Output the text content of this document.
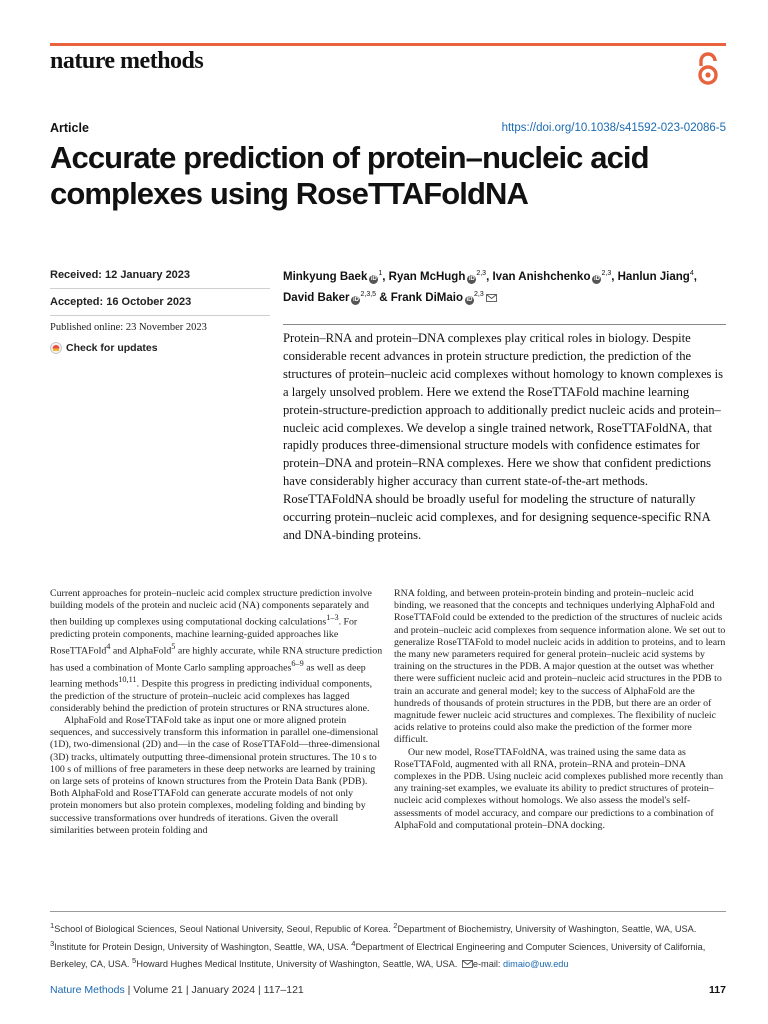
nature methods
Article	https://doi.org/10.1038/s41592-023-02086-5
Accurate prediction of protein–nucleic acid
complexes using RoseTTAFoldNA
Received: 12 January 2023
Accepted: 16 October 2023
Published online: 23 November 2023
Check for updates
Minkyung Baek iD$^1$, Ryan McHugh iD$^{2,3}$, Ivan Anishchenko iD$^{2,3}$, Hanlun Jiang$^4$,
David Baker iD$^{2,3,5}$ & Frank DiMaio iD$^{2,3}$

Protein–RNA and protein–DNA complexes play critical roles in biology. Despite considerable recent advances in protein structure prediction, the prediction of the structures of protein–nucleic acid complexes without homology to known complexes is a largely unsolved problem. Here we extend the RoseTTAFold machine learning protein-structure-prediction approach to additionally predict nucleic acids and protein–nucleic acid complexes. We develop a single trained network, RoseTTAFoldNA, that rapidly produces three-dimensional structure models with confidence estimates for protein–DNA and protein–RNA complexes. Here we show that confident predictions have considerably higher accuracy than current state-of-the-art methods. RoseTTAFoldNA should be broadly useful for modeling the structure of naturally occurring protein–nucleic acid complexes, and for designing sequence-specific RNA and DNA-binding proteins.

Current approaches for protein–nucleic acid complex structure prediction involve building models of the protein and nucleic acid (NA) components separately and then building up complexes using computational docking calculations$^{1-3}$. For predicting protein components, machine learning-guided approaches like RoseTTAFold$^4$ and AlphaFold$^5$ are highly accurate, while RNA structure prediction has used a combination of Monte Carlo sampling approaches$^{6-9}$ as well as deep learning methods$^{10,11}$. Despite this progress in predicting individual components, the prediction of the structure of protein–nucleic acid complexes has lagged considerably behind the prediction of protein structures or RNA structures alone.

AlphaFold and RoseTTAFold take as input one or more aligned protein sequences, and successively transform this information in parallel one-dimensional (1D), two-dimensional (2D) and—in the case of RoseTTAFold—three-dimensional (3D) tracks, ultimately outputting three-dimensional protein structures. The 10 s to 100 s of millions of free parameters in these deep networks are learned by training on large sets of proteins of known structures from the Protein Data Bank (PDB). Both AlphaFold and RoseTTAFold can generate accurate models of not only protein monomers but also protein complexes, modeling folding and binding by successive transformations over hundreds of iterations. Given the overall similarities between protein folding and

RNA folding, and between protein-protein binding and protein–nucleic acid binding, we reasoned that the concepts and techniques underlying AlphaFold and RoseTTAFold could be extended to the prediction of the structures of nucleic acids and protein–nucleic acid complexes from sequence information alone. We set out to generalize RoseTTAFold to model nucleic acids in addition to proteins, and to learn the many new parameters required for general protein–nucleic acid systems by training on the structures in the PDB. A major question at the outset was whether there were sufficient nucleic acid and protein–nucleic acid structures in the PDB to train an accurate and general model; key to the success of AlphaFold are the hundreds of thousands of protein structures in the PDB, but there are an order of magnitude fewer nucleic acid structures and complexes. The flexibility of nucleic acids relative to proteins could also make the prediction of the former more difficult.

Our new model, RoseTTAFoldNA, was trained using the same data as RoseTTAFold, augmented with all RNA, protein–RNA and protein–DNA complexes in the PDB. Using nucleic acid complexes published more recently than any training-set examples, we evaluate its ability to predict structures of protein–nucleic acid complexes without homologs. We also assess the model's self-assessments of model accuracy, and compare our predictions to a combination of AlphaFold and computational protein–DNA docking.

$^1$School of Biological Sciences, Seoul National University, Seoul, Republic of Korea. $^2$Department of Biochemistry, University of Washington, Seattle, WA, USA. $^3$Institute for Protein Design, University of Washington, Seattle, WA, USA. $^4$Department of Electrical Engineering and Computer Sciences, University of California, Berkeley, CA, USA. $^5$Howard Hughes Medical Institute, University of Washington, Seattle, WA, USA. e-mail: dimaio@uw.edu
Nature Methods | Volume 21 | January 2024 | 117–121	117
